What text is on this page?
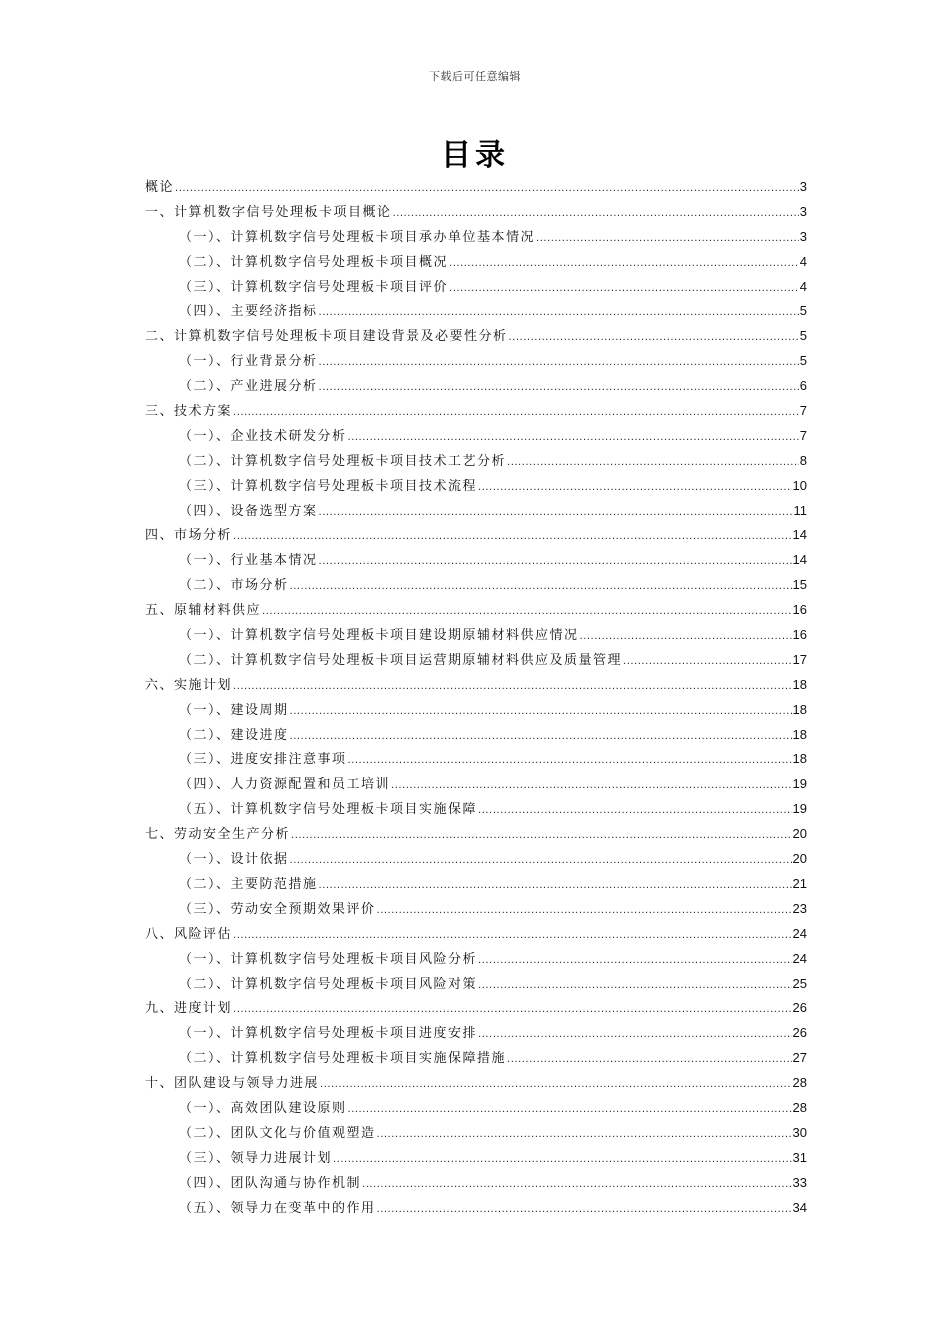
下载后可任意编辑
目录
概论 .....	3
一、计算机数字信号处理板卡项目概论 .....	3
（一）、计算机数字信号处理板卡项目承办单位基本情况 .....	3
（二）、计算机数字信号处理板卡项目概况 .....	4
（三）、计算机数字信号处理板卡项目评价 .....	4
（四）、主要经济指标 .....	5
二、计算机数字信号处理板卡项目建设背景及必要性分析 .....	5
（一）、行业背景分析 .....	5
（二）、产业进展分析 .....	6
三、技术方案 .....	7
（一）、企业技术研发分析 .....	7
（二）、计算机数字信号处理板卡项目技术工艺分析 .....	8
（三）、计算机数字信号处理板卡项目技术流程 .....	10
（四）、设备选型方案 .....	11
四、市场分析 .....	14
（一）、行业基本情况 .....	14
（二）、市场分析 .....	15
五、原辅材料供应 .....	16
（一）、计算机数字信号处理板卡项目建设期原辅材料供应情况 .....	16
（二）、计算机数字信号处理板卡项目运营期原辅材料供应及质量管理 .....	17
六、实施计划 .....	18
（一）、建设周期 .....	18
（二）、建设进度 .....	18
（三）、进度安排注意事项 .....	18
（四）、人力资源配置和员工培训 .....	19
（五）、计算机数字信号处理板卡项目实施保障 .....	19
七、劳动安全生产分析 .....	20
（一）、设计依据 .....	20
（二）、主要防范措施 .....	21
（三）、劳动安全预期效果评价 .....	23
八、风险评估 .....	24
（一）、计算机数字信号处理板卡项目风险分析 .....	24
（二）、计算机数字信号处理板卡项目风险对策 .....	25
九、进度计划 .....	26
（一）、计算机数字信号处理板卡项目进度安排 .....	26
（二）、计算机数字信号处理板卡项目实施保障措施 .....	27
十、团队建设与领导力进展 .....	28
（一）、高效团队建设原则 .....	28
（二）、团队文化与价值观塑造 .....	30
（三）、领导力进展计划 .....	31
（四）、团队沟通与协作机制 .....	33
（五）、领导力在变革中的作用 .....	34
